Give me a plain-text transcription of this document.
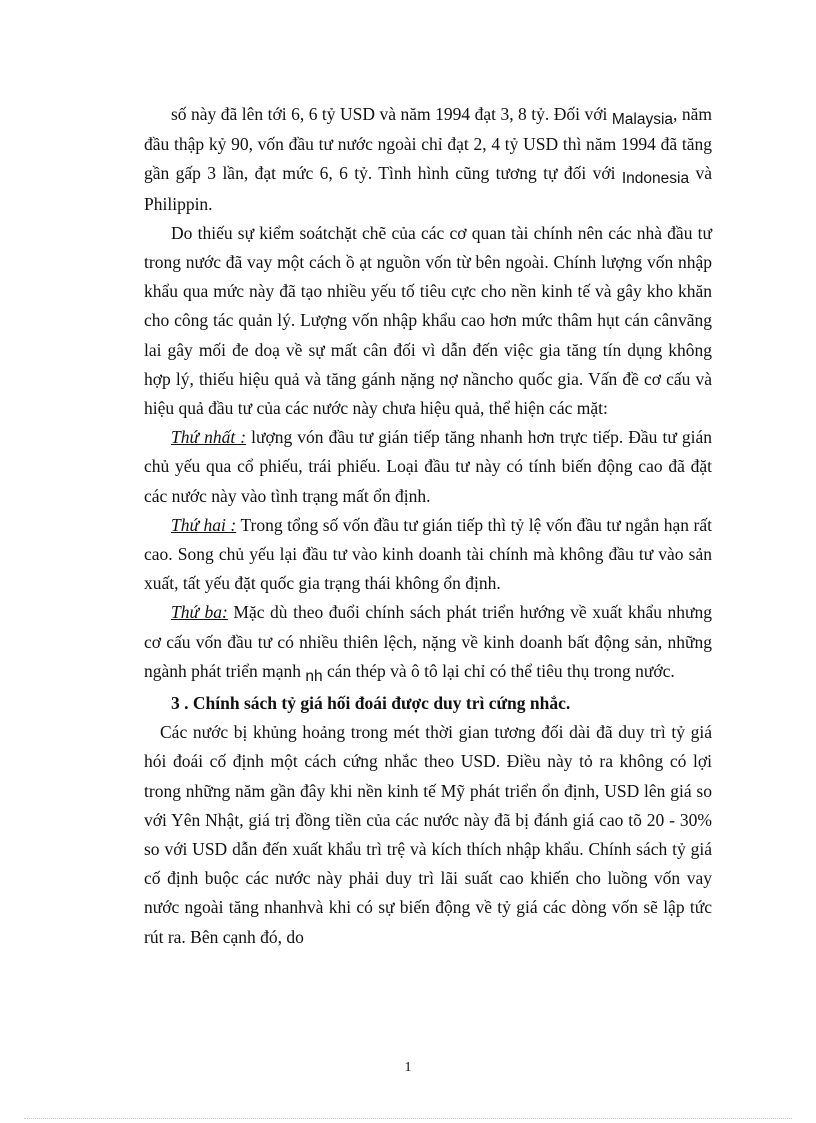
số này đã lên tới 6, 6 tỷ USD và năm 1994 đạt 3, 8 tỷ. Đối với Malaysia, năm đầu thập kỷ 90, vốn đầu tư nước ngoài chỉ đạt 2, 4 tỷ USD thì năm 1994 đã tăng gần gấp 3 lần, đạt mức 6, 6 tỷ. Tình hình cũng tương tự đối với Indonesia và Philippin.

Do thiếu sự kiểm soátchặt chẽ của các cơ quan tài chính nên các nhà đầu tư trong nước đã vay một cách ồ ạt nguồn vốn từ bên ngoài. Chính lượng vốn nhập khẩu qua mức này đã tạo nhiều yếu tố tiêu cực cho nền kinh tế và gây kho khăn cho công tác quản lý. Lượng vốn nhập khẩu cao hơn mức thâm hụt cán cânvãng lai gây mối đe doạ về sự mất cân đối vì dẫn đến việc gia tăng tín dụng không hợp lý, thiếu hiệu quả và tăng gánh nặng nợ nầncho quốc gia. Vấn đề cơ cấu và hiệu quả đầu tư của các nước này chưa hiệu quả, thể hiện các mặt:

Thứ nhất : lượng vón đầu tư gián tiếp tăng nhanh hơn trực tiếp. Đầu tư gián chủ yếu qua cổ phiếu, trái phiếu. Loại đầu tư này có tính biến động cao đã đặt các nước này vào tình trạng mất ổn định.

Thứ hai : Trong tổng số vốn đầu tư gián tiếp thì tỷ lệ vốn đầu tư ngắn hạn rất cao. Song chủ yếu lại đầu tư vào kinh doanh tài chính mà không đầu tư vào sản xuất, tất yếu đặt quốc gia trạng thái không ổn định.

Thứ ba: Mặc dù theo đuổi chính sách phát triển hướng về xuất khẩu nhưng cơ cấu vốn đầu tư có nhiều thiên lệch, nặng về kinh doanh bất động sản, những ngành phát triển mạnh nh cán thép và ô tô lại chỉ có thể tiêu thụ trong nước.

3 . Chính sách tỷ giá hối đoái được duy trì cứng nhắc.

Các nước bị khủng hoảng trong mét thời gian tương đối dài đã duy trì tỷ giá hói đoái cố định một cách cứng nhắc theo USD. Điều này tỏ ra không có lợi trong những năm gần đây khi nền kinh tế Mỹ phát triển ổn định, USD lên giá so với Yên Nhật, giá trị đồng tiền của các nước này đã bị đánh giá cao tõ 20 - 30% so với USD dẫn đến xuất khẩu trì trệ và kích thích nhập khẩu. Chính sách tỷ giá cố định buộc các nước này phải duy trì lãi suất cao khiến cho luồng vốn vay nước ngoài tăng nhanhvà khi có sự biến động về tỷ giá các dòng vốn sẽ lập tức rút ra. Bên cạnh đó, do

1
